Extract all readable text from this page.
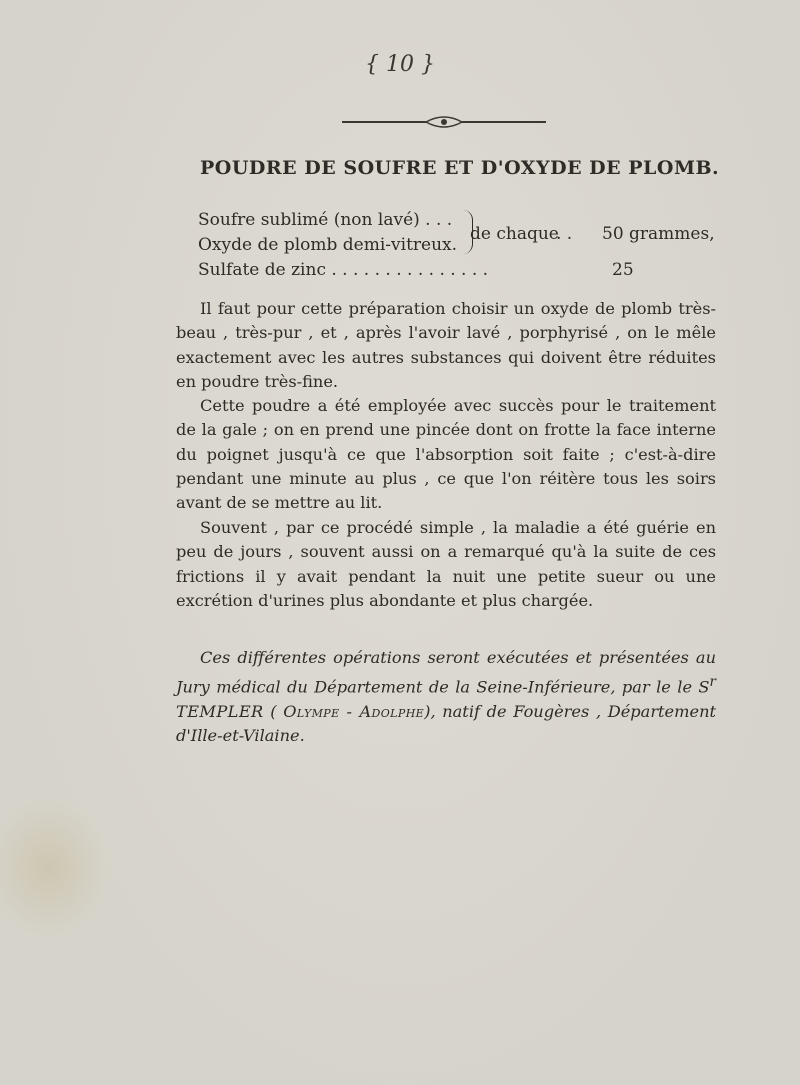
{ 10 }
POUDRE DE SOUFRE ET D'OXYDE DE PLOMB.
Soufre sublimé (non lavé) . . .
Oxyde de plomb demi-vitreux.
Sulfate de zinc . . . . . . . . . . . . . . .
de chaque
. . 50 grammes,
25

Il faut pour cette préparation choisir un oxyde de plomb très-beau , très-pur , et , après l'avoir lavé , porphyrisé , on le mêle exactement avec les autres substances qui doivent être réduites en poudre très-fine.

Cette poudre a été employée avec succès pour le traitement de la gale ; on en prend une pincée dont on frotte la face interne du poignet jusqu'à ce que l'absorption soit faite ; c'est-à-dire pendant une minute au plus , ce que l'on réitère tous les soirs avant de se mettre au lit.

Souvent , par ce procédé simple , la maladie a été guérie en peu de jours , souvent aussi on a remarqué qu'à la suite de ces frictions il y avait pendant la nuit une petite sueur ou une excrétion d'urines plus abondante et plus chargée.

Ces différentes opérations seront exécutées et présentées au Jury médical du Département de la Seine-Inférieure, par le le $S^r$ TEMPLER ( Olympe - Adolphe), natif de Fougères , Département d'Ille-et-Vilaine.
